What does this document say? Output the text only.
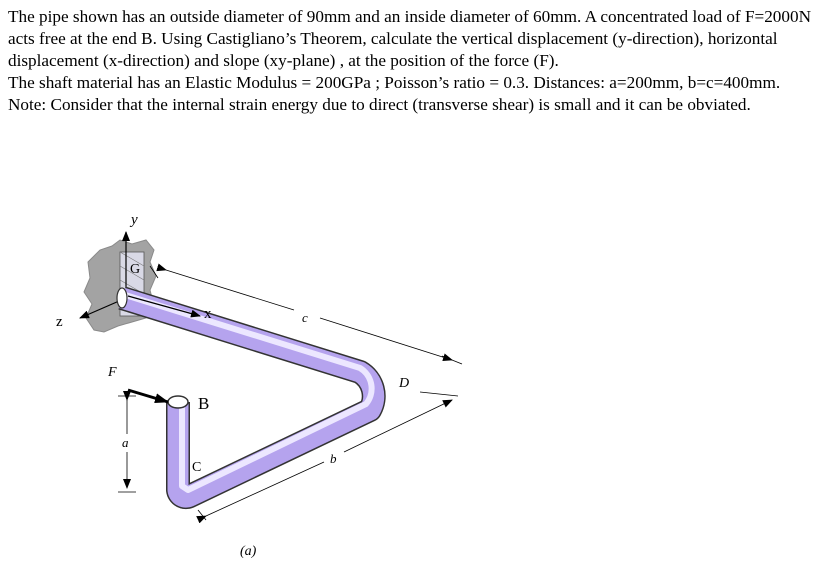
The pipe shown has an outside diameter of 90mm and an inside diameter of 60mm. A concentrated load of F=2000N acts free at the end B. Using Castigliano’s Theorem, calculate the vertical displacement (y-direction), horizontal displacement (x-direction) and slope (xy-plane) , at the position of the force (F).

The shaft material has an Elastic Modulus = 200GPa ; Poisson’s ratio = 0.3. Distances: a=200mm, b=c=400mm.

Note: Consider that the internal strain energy due to direct (transverse shear) is small and it can be obviated.

y
z	x
G
D
B
C
F
a
c
b
(a)
